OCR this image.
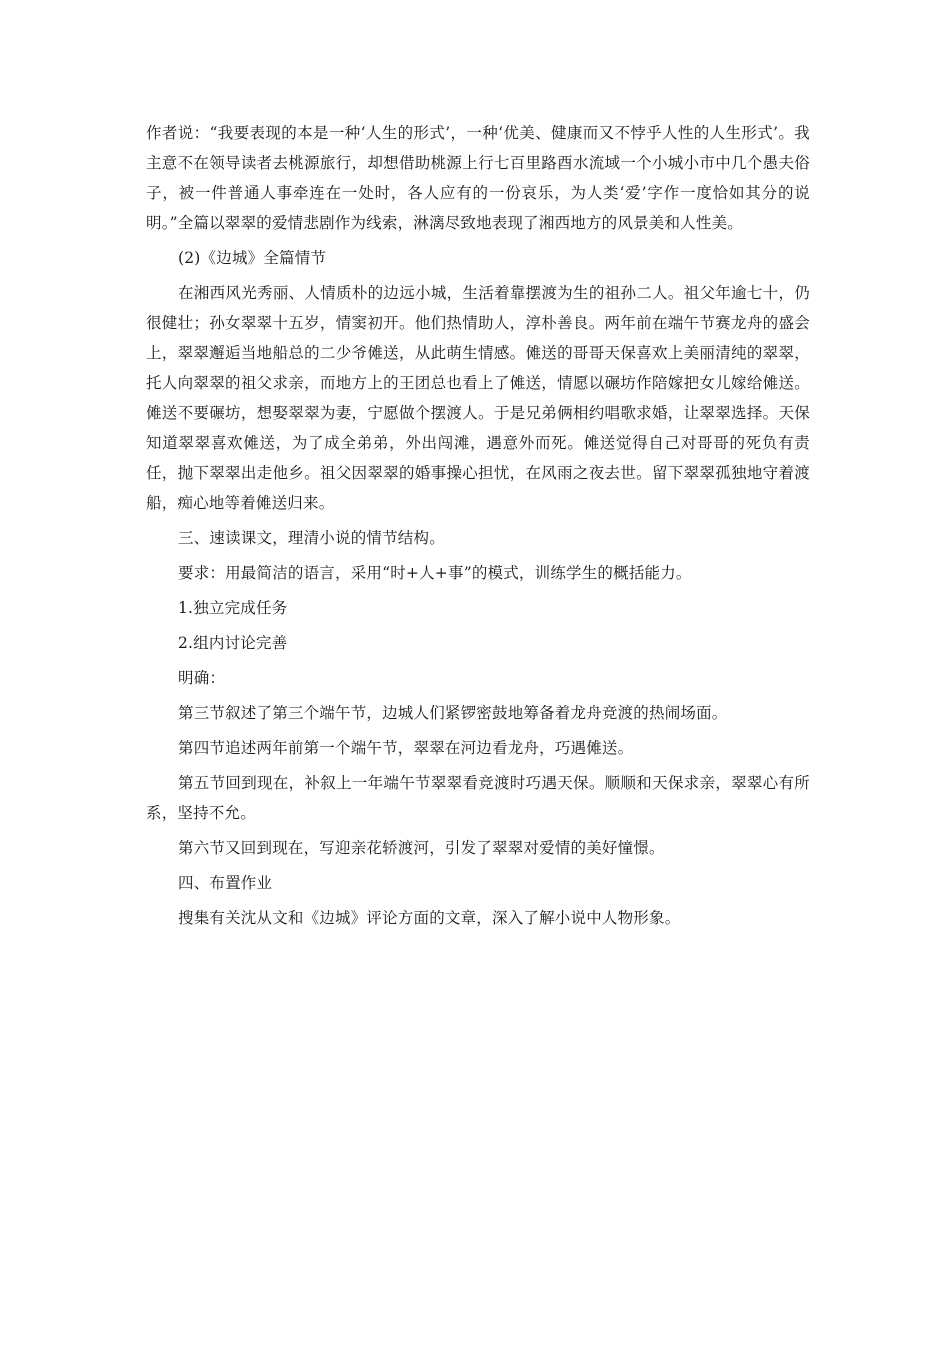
作者说：“我要表现的本是一种‘人生的形式’，一种‘优美、健康而又不悖乎人性的人生形式’。我主意不在领导读者去桃源旅行，却想借助桃源上行七百里路酉水流域一个小城小市中几个愚夫俗子，被一件普通人事牵连在一处时，各人应有的一份哀乐，为人类‘爱’字作一度恰如其分的说明。”全篇以翠翠的爱情悲剧作为线索，淋漓尽致地表现了湘西地方的风景美和人性美。

(2)《边城》全篇情节

在湘西风光秀丽、人情质朴的边远小城，生活着靠摆渡为生的祖孙二人。祖父年逾七十，仍很健壮；孙女翠翠十五岁，情窦初开。他们热情助人，淳朴善良。两年前在端午节赛龙舟的盛会上，翠翠邂逅当地船总的二少爷傩送，从此萌生情感。傩送的哥哥天保喜欢上美丽清纯的翠翠，托人向翠翠的祖父求亲，而地方上的王团总也看上了傩送，情愿以碾坊作陪嫁把女儿嫁给傩送。傩送不要碾坊，想娶翠翠为妻，宁愿做个摆渡人。于是兄弟俩相约唱歌求婚，让翠翠选择。天保知道翠翠喜欢傩送，为了成全弟弟，外出闯滩，遇意外而死。傩送觉得自己对哥哥的死负有责任，抛下翠翠出走他乡。祖父因翠翠的婚事操心担忧，在风雨之夜去世。留下翠翠孤独地守着渡船，痴心地等着傩送归来。

三、速读课文，理清小说的情节结构。

要求：用最简洁的语言，采用“时+人+事”的模式，训练学生的概括能力。

1.独立完成任务

2.组内讨论完善

明确：

第三节叙述了第三个端午节，边城人们紧锣密鼓地筹备着龙舟竞渡的热闹场面。

第四节追述两年前第一个端午节，翠翠在河边看龙舟，巧遇傩送。

第五节回到现在，补叙上一年端午节翠翠看竞渡时巧遇天保。顺顺和天保求亲，翠翠心有所系，坚持不允。

第六节又回到现在，写迎亲花轿渡河，引发了翠翠对爱情的美好憧憬。

四、布置作业

搜集有关沈从文和《边城》评论方面的文章，深入了解小说中人物形象。
